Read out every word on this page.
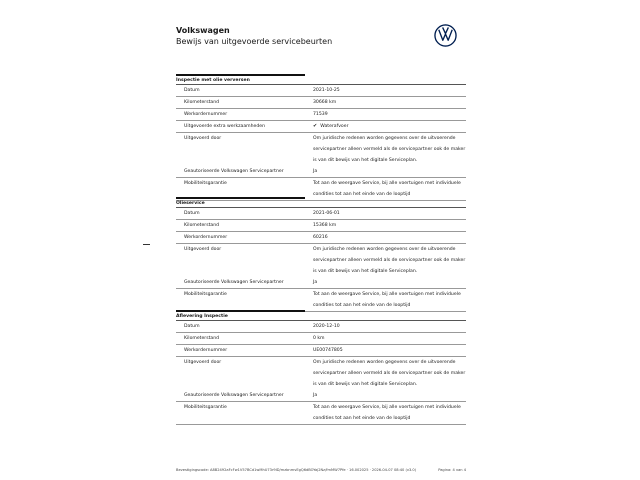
Volkswagen
Bewijs van uitgevoerde servicebeurten
Inspectie met olie verversen
Datum	2021-10-25
Kilometerstand	30668 km
Werkordernummer	71539
Uitgevoerde extra werkzaamheden	✔ Waterafvoer
Uitgevoerd door	Om juridische redenen worden gegevens over de uitvoerende servicepartner alleen vermeld als de servicepartner ook de maker is van dit bewijs van het digitale Serviceplan.
Geautoriseerde Volkswagen Servicepartner	Ja
Mobiliteitsgarantie	Tot aan de weergave Service, bij alle voertuigen met individuele condities tot aan het einde van de looptijd
Olieservice
Datum	2021-06-01
Kilometerstand	15368 km
Werkordernummer	60216
Uitgevoerd door	Om juridische redenen worden gegevens over de uitvoerende servicepartner alleen vermeld als de servicepartner ook de maker is van dit bewijs van het digitale Serviceplan.
Geautoriseerde Volkswagen Servicepartner	Ja
Mobiliteitsgarantie	Tot aan de weergave Service, bij alle voertuigen met individuele condities tot aan het einde van de looptijd
Aflevering Inspectie
Datum	2020-12-10
Kilometerstand	0 km
Werkordernummer	UE00747805
Uitgevoerd door	Om juridische redenen worden gegevens over de uitvoerende servicepartner alleen vermeld als de servicepartner ook de maker is van dit bewijs van het digitale Serviceplan.
Geautoriseerde Volkswagen Servicepartner	Ja
Mobiliteitsgarantie	Tot aan de weergave Service, bij alle voertuigen met individuele condities tot aan het einde van de looptijd
Bevestigingscode: A8B2492aFcFw1V57BCd1wMhU73r9ID/mzbnmvEgQ6dBOYaj2Nz/fmMW7Pfe · 16.002025 · 2026-04-07 08:40 (v3.0)	Pagina: 4 van 4
